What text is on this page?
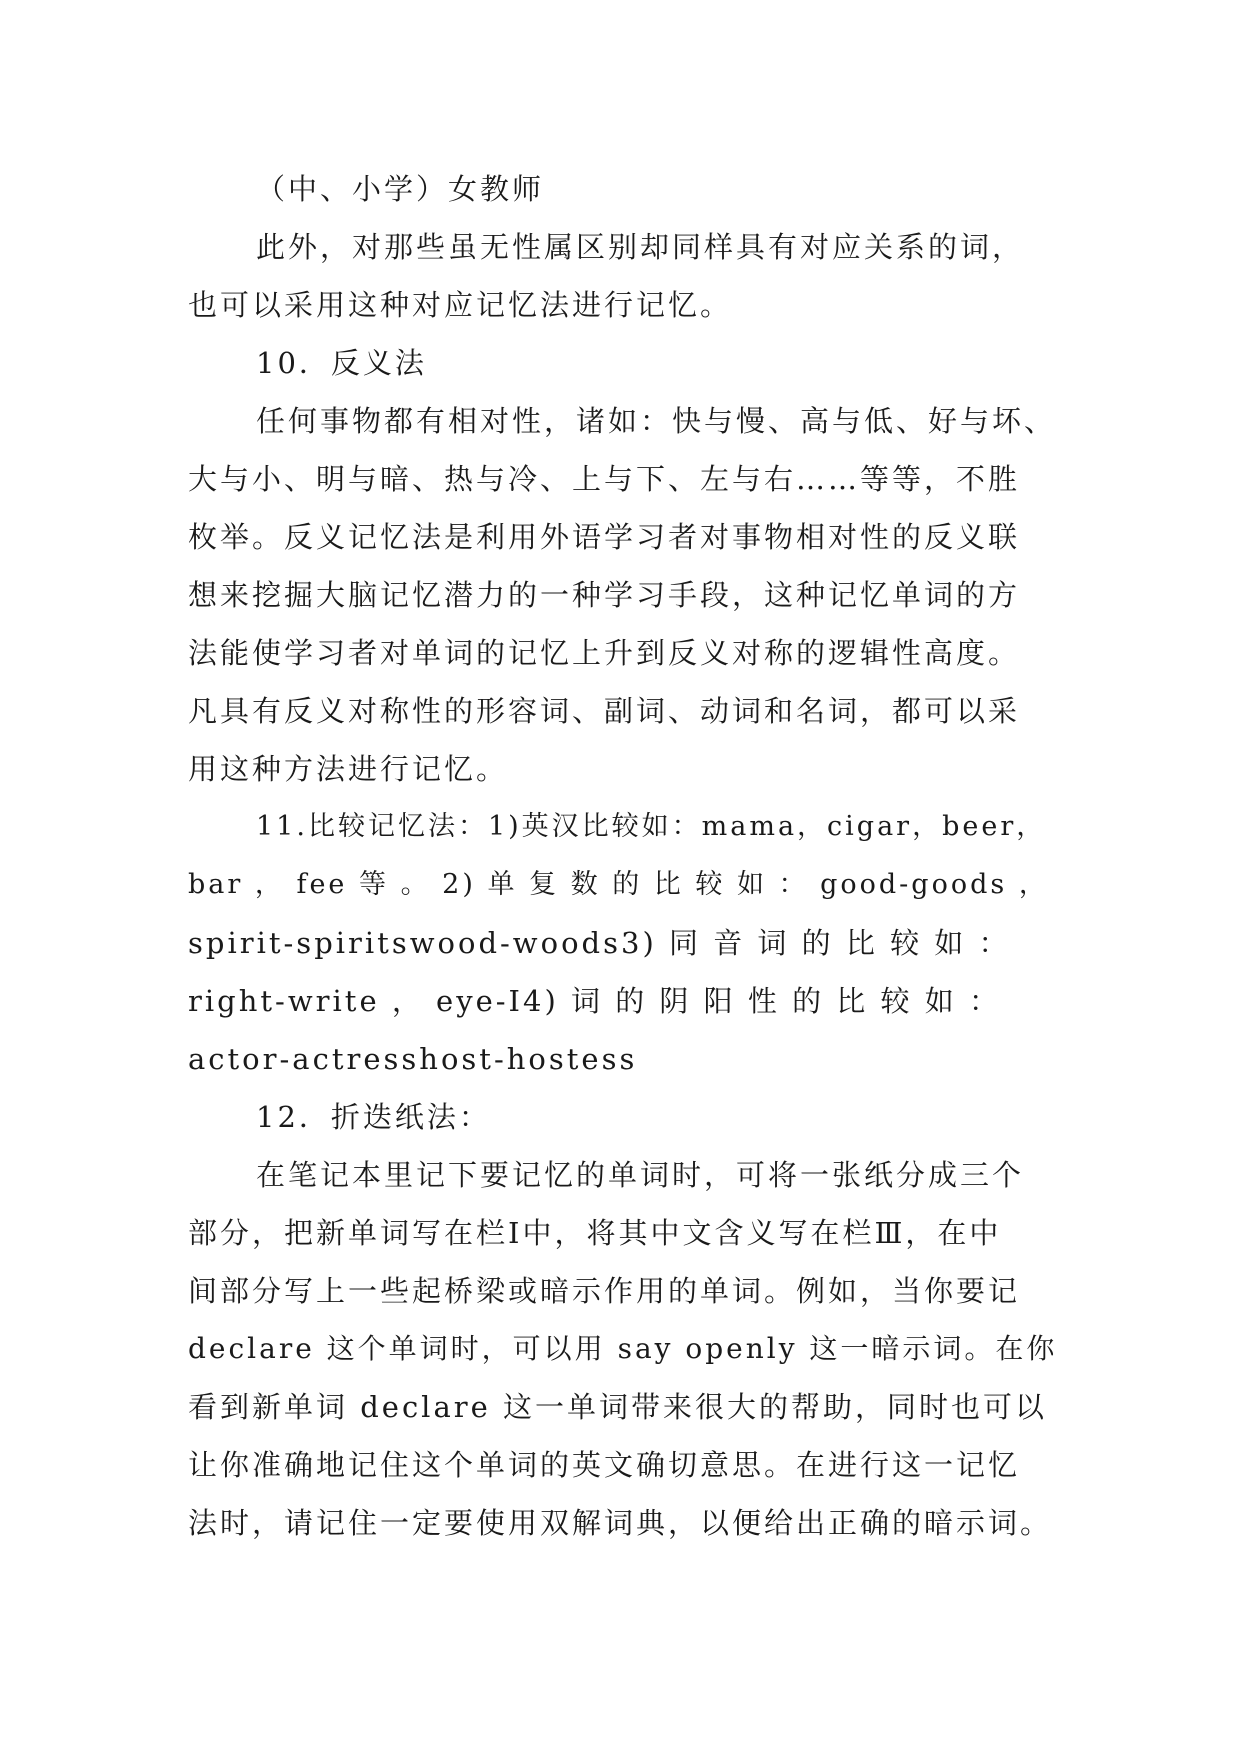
（中、小学）女教师
此外，对那些虽无性属区别却同样具有对应关系的词，
也可以采用这种对应记忆法进行记忆。
10．反义法
任何事物都有相对性，诸如：快与慢、高与低、好与坏、
大与小、明与暗、热与冷、上与下、左与右……等等，不胜
枚举。反义记忆法是利用外语学习者对事物相对性的反义联
想来挖掘大脑记忆潜力的一种学习手段，这种记忆单词的方
法能使学习者对单词的记忆上升到反义对称的逻辑性高度。
凡具有反义对称性的形容词、副词、动词和名词，都可以采
用这种方法进行记忆。
11.比较记忆法：1)英汉比较如：mama，cigar，beer，
bar ， fee 等 。 2) 单 复 数 的 比 较 如 ： good-goods ，
spirit-spiritswood-woods3) 同 音 词 的 比 较 如 ：
right-write ， eye-I4) 词 的 阴 阳 性 的 比 较 如 ：
actor-actresshost-hostess
12．折迭纸法：
在笔记本里记下要记忆的单词时，可将一张纸分成三个
部分，把新单词写在栏Ⅰ中，将其中文含义写在栏Ⅲ，在中
间部分写上一些起桥梁或暗示作用的单词。例如，当你要记
declare 这个单词时，可以用 say openly 这一暗示词。在你
看到新单词 declare 这一单词带来很大的帮助，同时也可以
让你准确地记住这个单词的英文确切意思。在进行这一记忆
法时，请记住一定要使用双解词典，以便给出正确的暗示词。
